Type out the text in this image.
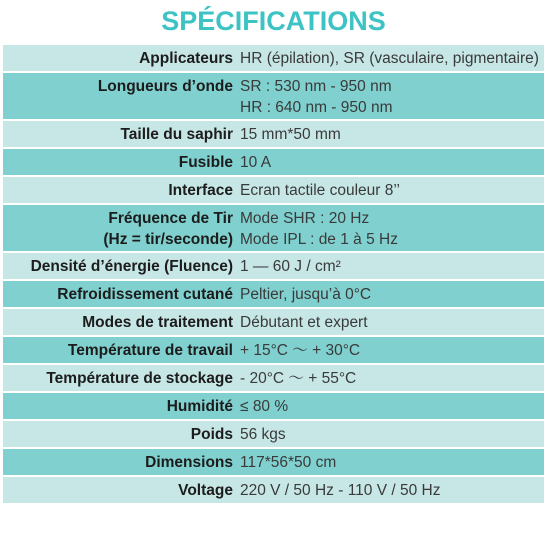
SPÉCIFICATIONS
Applicateurs HR (épilation), SR (vasculaire, pigmentaire)
Longueurs d’onde SR : 530 nm - 950 nm
HR : 640 nm - 950 nm
Taille du saphir 15 mm*50 mm
Fusible 10 A
Interface Ecran tactile couleur 8’’
Fréquence de Tir
(Hz = tir/seconde)
Mode SHR : 20 Hz
Mode IPL : de 1 à 5 Hz
Densité d’énergie (Fluence) 1 — 60 J / cm²
Refroidissement cutané Peltier, jusqu’à 0°C
Modes de traitement Débutant et expert
Température de travail + 15°C ～ + 30°C
Température de stockage - 20°C ～ + 55°C
Humidité ≤ 80 %
Poids 56 kgs
Dimensions 117*56*50 cm
Voltage 220 V / 50 Hz - 110 V / 50 Hz
